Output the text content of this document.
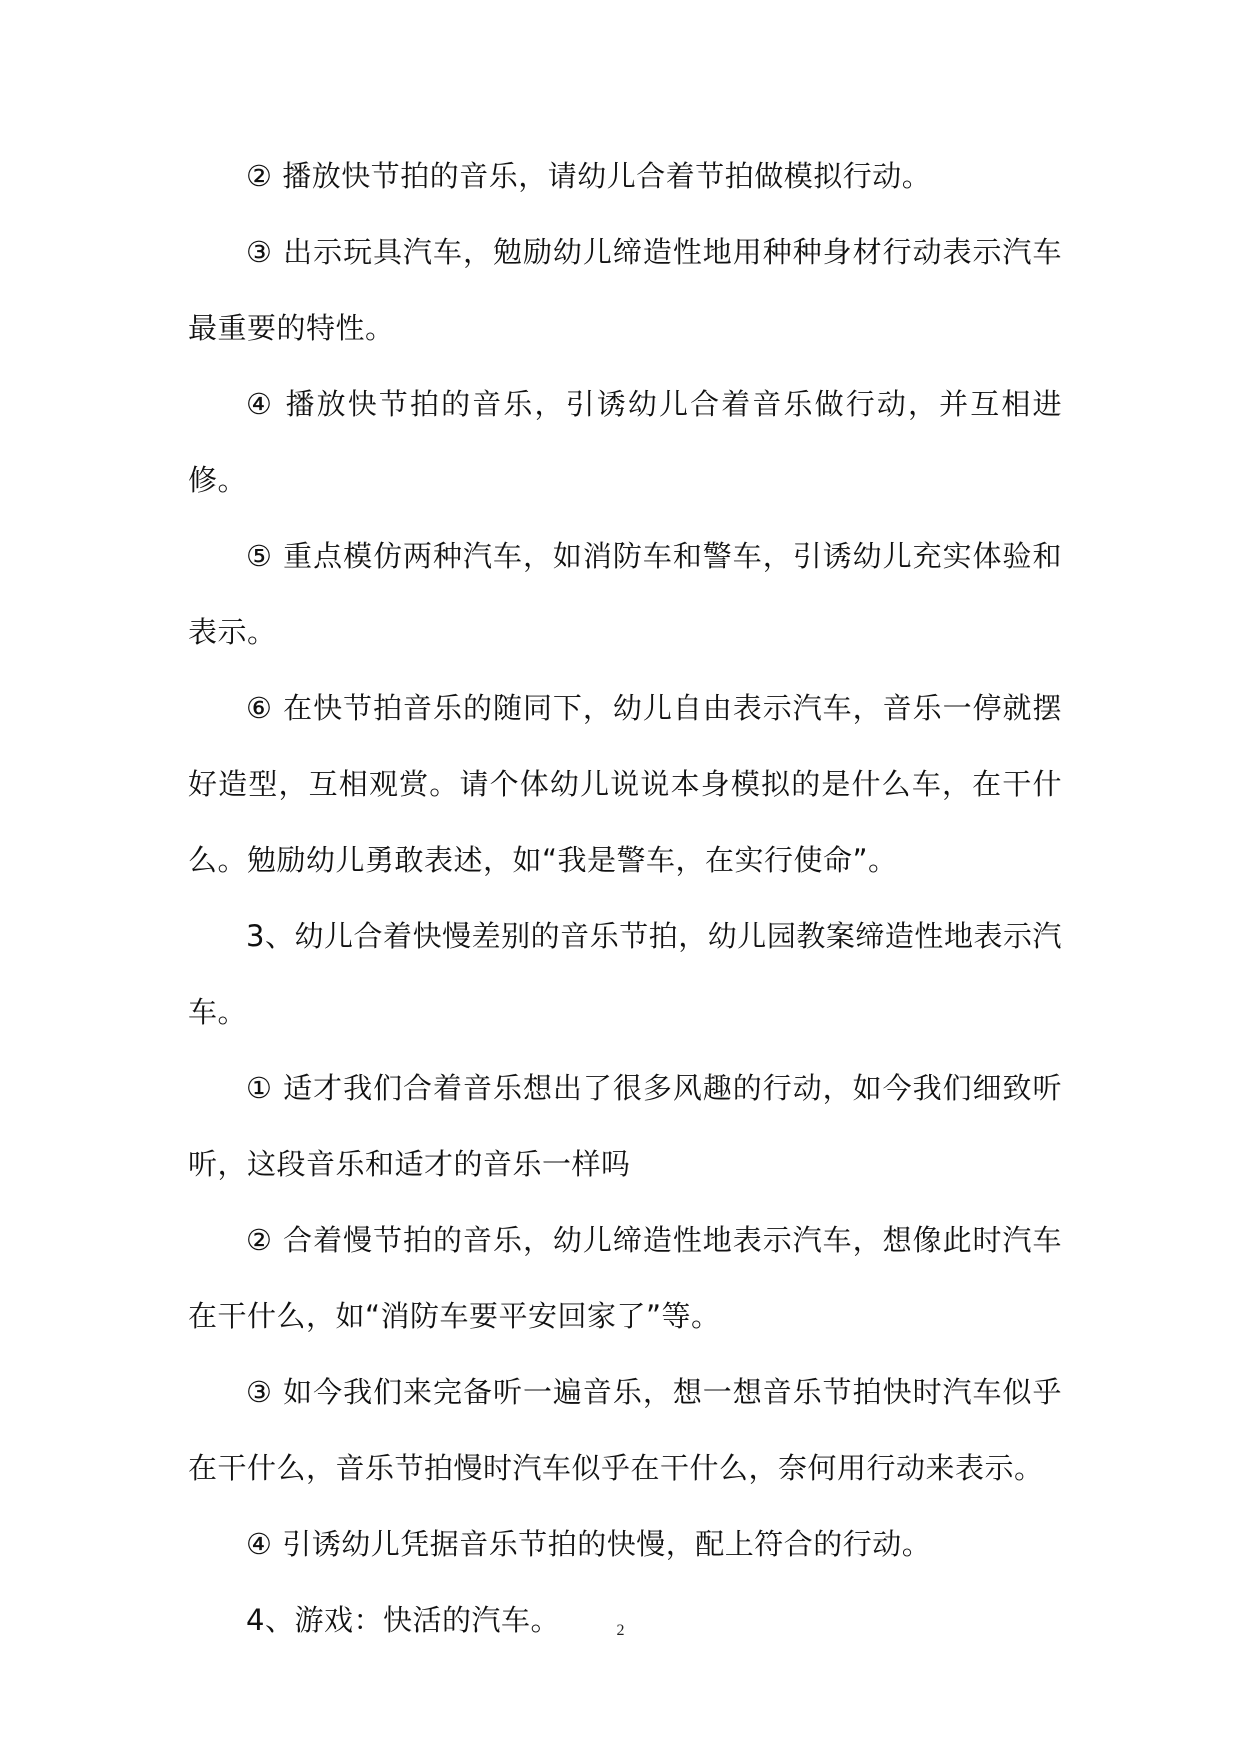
② 播放快节拍的音乐，请幼儿合着节拍做模拟行动。

③ 出示玩具汽车，勉励幼儿缔造性地用种种身材行动表示汽车最重要的特性。

④ 播放快节拍的音乐，引诱幼儿合着音乐做行动，并互相进修。

⑤ 重点模仿两种汽车，如消防车和警车，引诱幼儿充实体验和表示。

⑥ 在快节拍音乐的随同下，幼儿自由表示汽车，音乐一停就摆好造型，互相观赏。请个体幼儿说说本身模拟的是什么车，在干什么。勉励幼儿勇敢表述，如“我是警车，在实行使命”。

3、幼儿合着快慢差别的音乐节拍，幼儿园教案缔造性地表示汽车。

① 适才我们合着音乐想出了很多风趣的行动，如今我们细致听听，这段音乐和适才的音乐一样吗

② 合着慢节拍的音乐，幼儿缔造性地表示汽车，想像此时汽车在干什么，如“消防车要平安回家了”等。

③ 如今我们来完备听一遍音乐，想一想音乐节拍快时汽车似乎在干什么，音乐节拍慢时汽车似乎在干什么，奈何用行动来表示。

④ 引诱幼儿凭据音乐节拍的快慢，配上符合的行动。

4、游戏：快活的汽车。	2
